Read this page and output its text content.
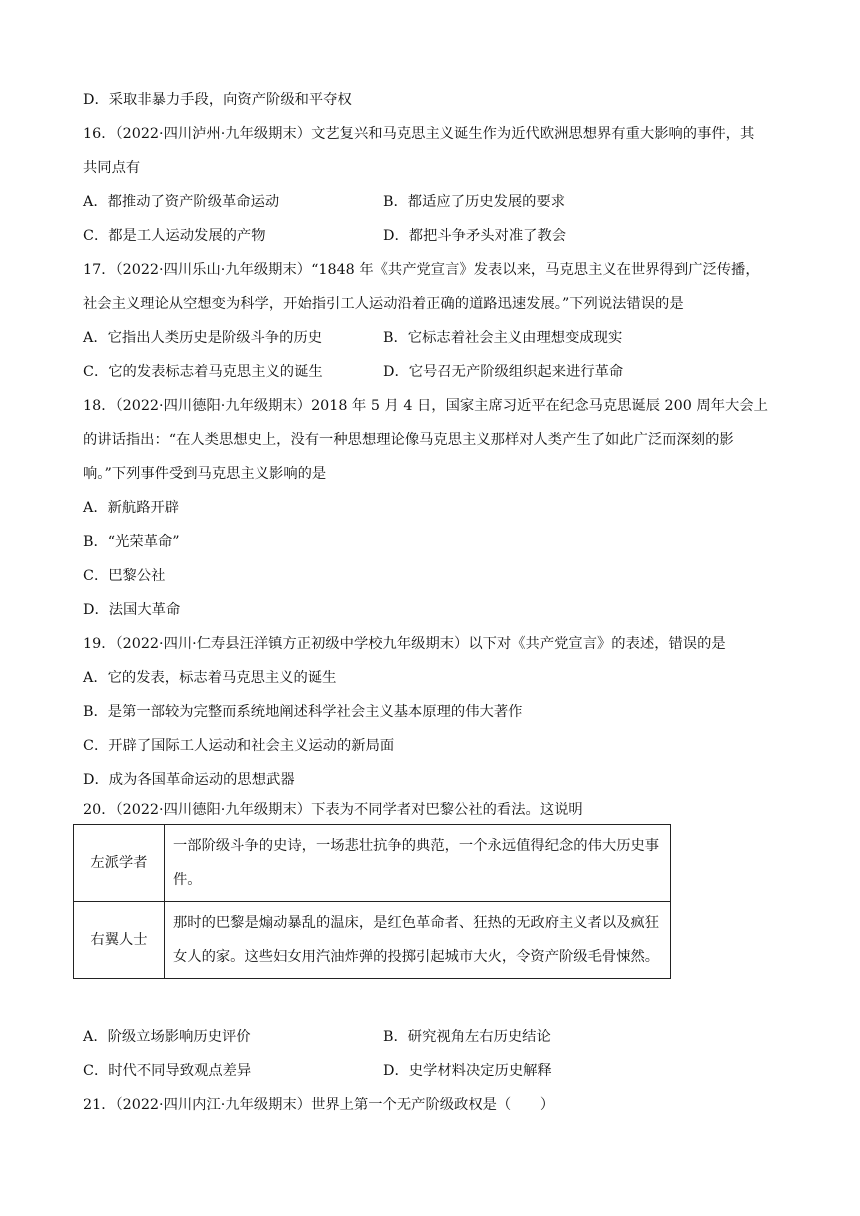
D．采取非暴力手段，向资产阶级和平夺权
16．（2022·四川泸州·九年级期末）文艺复兴和马克思主义诞生作为近代欧洲思想界有重大影响的事件，其
共同点有
A．都推动了资产阶级革命运动	B．都适应了历史发展的要求
C．都是工人运动发展的产物	D．都把斗争矛头对准了教会
17．（2022·四川乐山·九年级期末）“1848 年《共产党宣言》发表以来，马克思主义在世界得到广泛传播，
社会主义理论从空想变为科学，开始指引工人运动沿着正确的道路迅速发展。”下列说法错误的是
A．它指出人类历史是阶级斗争的历史	B．它标志着社会主义由理想变成现实
C．它的发表标志着马克思主义的诞生	D．它号召无产阶级组织起来进行革命
18．（2022·四川德阳·九年级期末）2018 年 5 月 4 日，国家主席习近平在纪念马克思诞辰 200 周年大会上
的讲话指出：“在人类思想史上，没有一种思想理论像马克思主义那样对人类产生了如此广泛而深刻的影
响。”下列事件受到马克思主义影响的是
A．新航路开辟
B．“光荣革命”
C．巴黎公社
D．法国大革命
19．（2022·四川·仁寿县汪洋镇方正初级中学校九年级期末）以下对《共产党宣言》的表述，错误的是
A．它的发表，标志着马克思主义的诞生
B．是第一部较为完整而系统地阐述科学社会主义基本原理的伟大著作
C．开辟了国际工人运动和社会主义运动的新局面
D．成为各国革命运动的思想武器
20．（2022·四川德阳·九年级期末）下表为不同学者对巴黎公社的看法。这说明
左派学者	一部阶级斗争的史诗，一场悲壮抗争的典范，一个永远值得纪念的伟大历史事件。
右翼人士	那时的巴黎是煽动暴乱的温床，是红色革命者、狂热的无政府主义者以及疯狂女人的家。这些妇女用汽油炸弹的投掷引起城市大火，令资产阶级毛骨悚然。
A．阶级立场影响历史评价	B．研究视角左右历史结论
C．时代不同导致观点差异	D．史学材料决定历史解释
21．（2022·四川内江·九年级期末）世界上第一个无产阶级政权是（　　）
